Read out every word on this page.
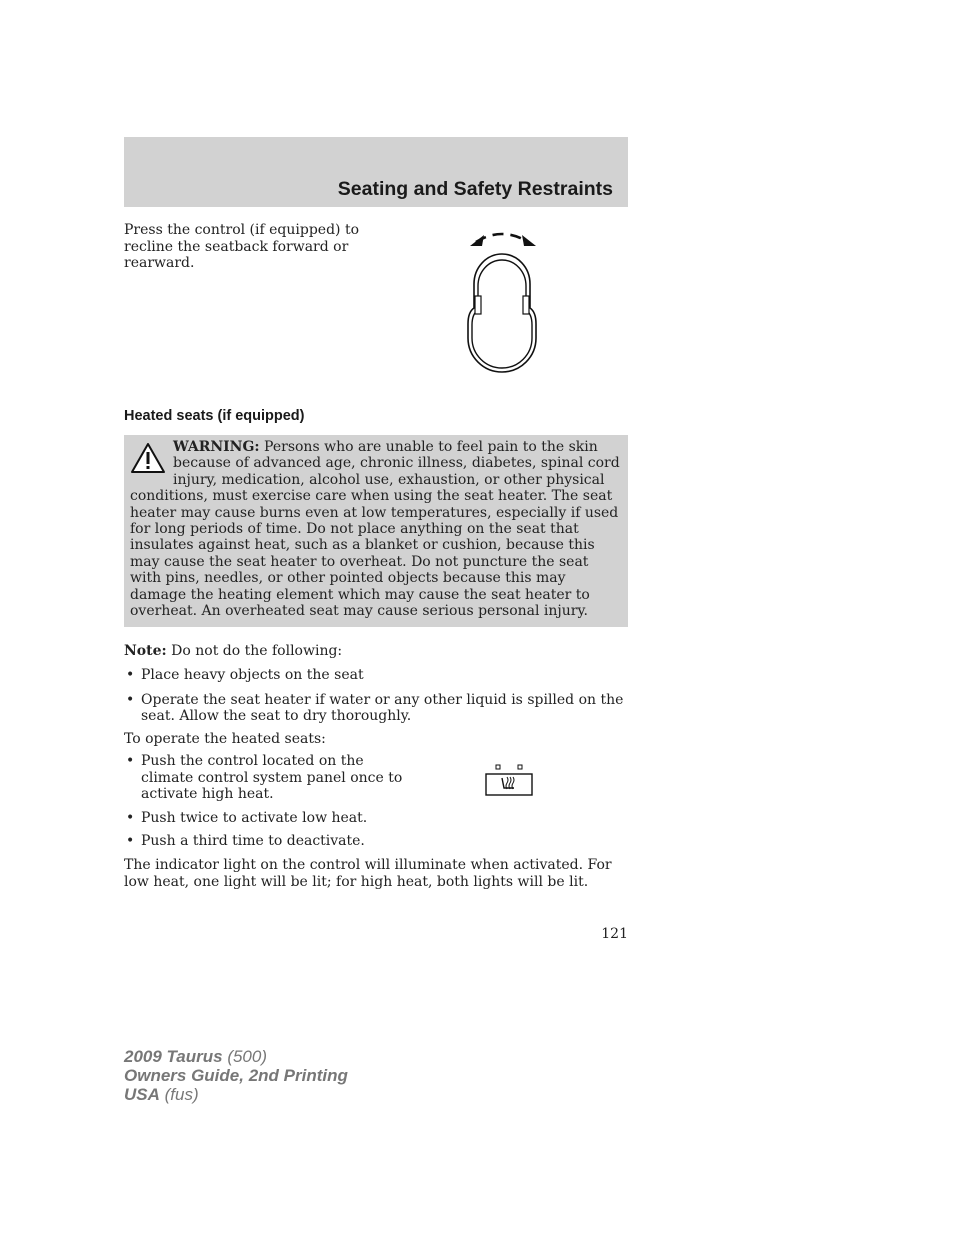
Seating and Safety Restraints

Press the control (if equipped) to recline the seatback forward or rearward.

Heated seats (if equipped)

WARNING: Persons who are unable to feel pain to the skin because of advanced age, chronic illness, diabetes, spinal cord injury, medication, alcohol use, exhaustion, or other physical conditions, must exercise care when using the seat heater. The seat heater may cause burns even at low temperatures, especially if used for long periods of time. Do not place anything on the seat that insulates against heat, such as a blanket or cushion, because this may cause the seat heater to overheat. Do not puncture the seat with pins, needles, or other pointed objects because this may damage the heating element which may cause the seat heater to overheat. An overheated seat may cause serious personal injury.

Note: Do not do the following:

• Place heavy objects on the seat
• Operate the seat heater if water or any other liquid is spilled on the seat. Allow the seat to dry thoroughly.

To operate the heated seats:

• Push the control located on the climate control system panel once to activate high heat.
• Push twice to activate low heat.
• Push a third time to deactivate.

The indicator light on the control will illuminate when activated. For low heat, one light will be lit; for high heat, both lights will be lit.

121

2009 Taurus (500)
Owners Guide, 2nd Printing
USA (fus)
